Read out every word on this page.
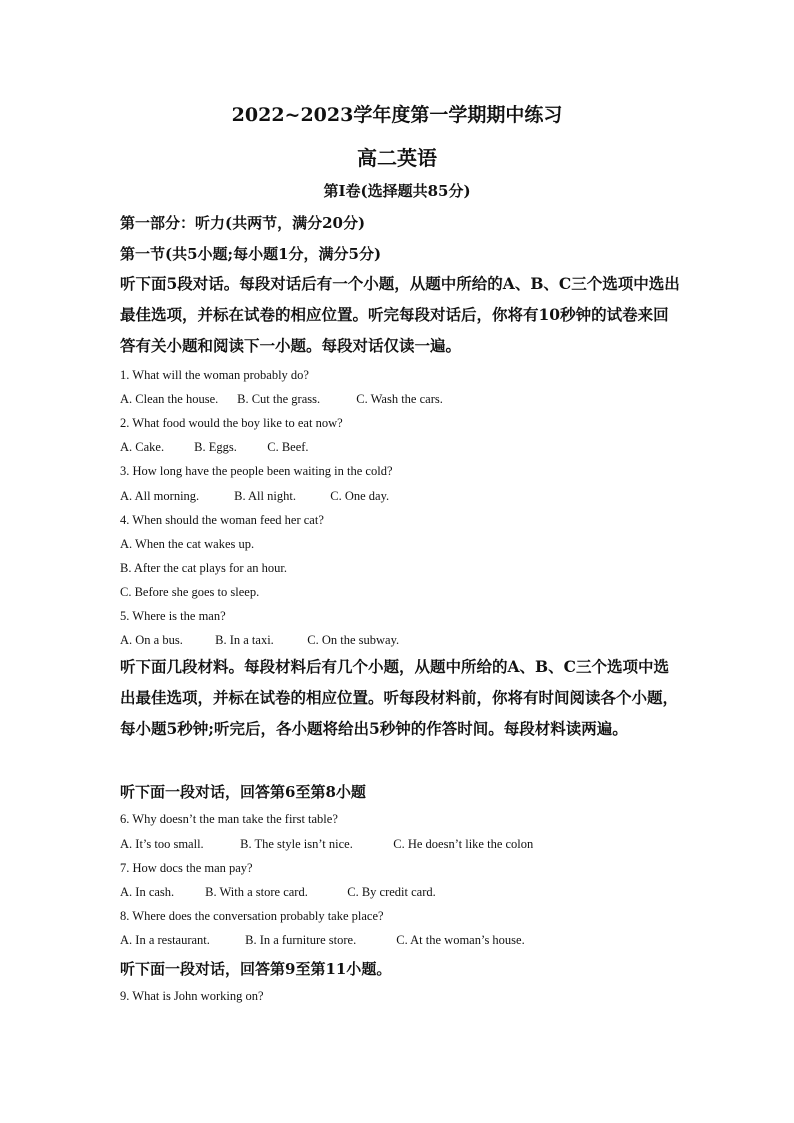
2022~2023学年度第一学期期中练习
高二英语
第I卷(选择题共85分)
第一部分：听力(共两节，满分20分)
第一节(共5小题;每小题1分，满分5分)
听下面5段对话。每段对话后有一个小题，从题中所给的A、B、C三个选项中选出最佳选项，并标在试卷的相应位置。听完每段对话后，你将有10秒钟的试卷来回答有关小题和阅读下一小题。每段对话仅读一遍。
1. What will the woman probably do?
A. Clean the house. B. Cut the grass.	C. Wash the cars.
2. What food would the boy like to eat now?
A. Cake. B. Eggs. C. Beef.
3. How long have the people been waiting in the cold?
A. All morning.	B. All night.	C. One day.
4. When should the woman feed her cat?
A. When the cat wakes up.
B. After the cat plays for an hour.
C. Before she goes to sleep.
5. Where is the man?
A. On a bus.	B. In a taxi.	C. On the subway.
听下面几段材料。每段材料后有几个小题，从题中所给的A、B、C三个选项中选出最佳选项，并标在试卷的相应位置。听每段材料前，你将有时间阅读各个小题，每小题5秒钟;听完后，各小题将给出5秒钟的作答时间。每段材料读两遍。
听下面一段对话，回答第6至第8小题
6. Why doesn’t the man take the first table?
A. It’s too small.	B. The style isn’t nice.	C. He doesn’t like the colon
7. How docs the man pay?
A. In cash. B. With a store card.	C. By credit card.
8. Where does the conversation probably take place?
A. In a restaurant.	B. In a furniture store.	C. At the woman’s house.
听下面一段对话，回答第9至第11小题。
9. What is John working on?
